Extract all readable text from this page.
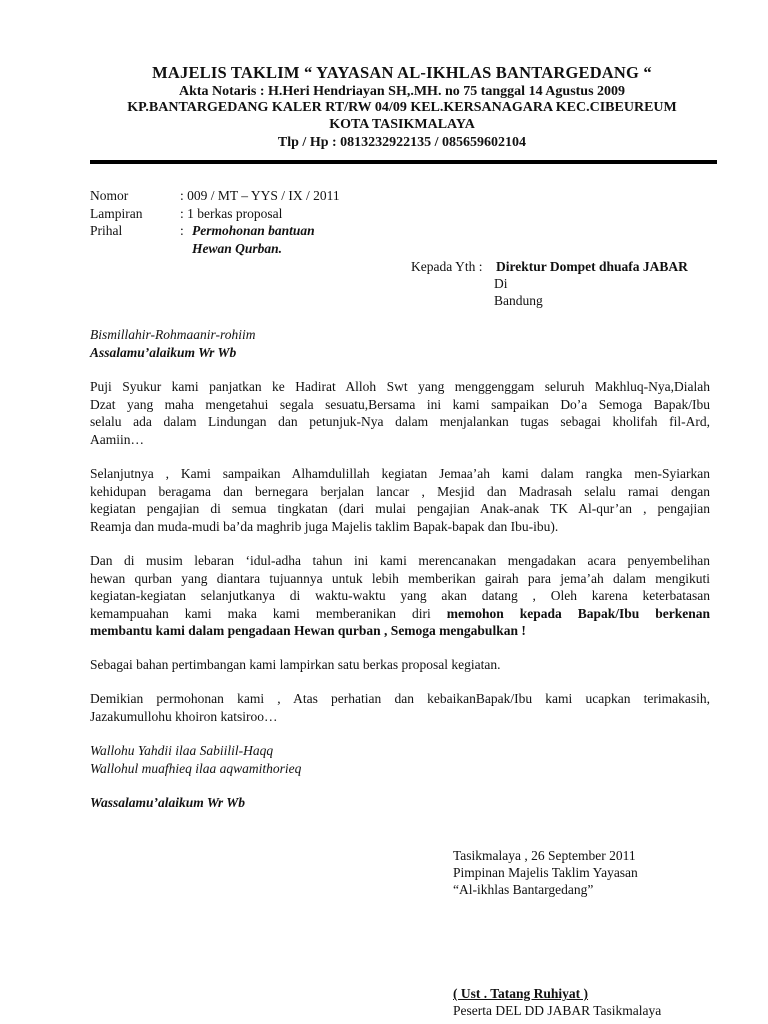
MAJELIS TAKLIM “ YAYASAN AL-IKHLAS BANTARGEDANG “
Akta Notaris : H.Heri Hendriayan SH,.MH. no 75 tanggal 14 Agustus 2009
KP.BANTARGEDANG KALER RT/RW 04/09 KEL.KERSANAGARA KEC.CIBEUREUM
KOTA TASIKMALAYA
Tlp / Hp : 0813232922135 / 085659602104
Nomor	: 009 / MT – YYS / IX / 2011
Lampiran	: 1 berkas proposal
Prihal	: Permohonan bantuan
Hewan Qurban.
Kepada Yth : Direktur Dompet dhuafa JABAR
Di
Bandung
Bismillahir-Rohmaanir-rohiim
Assalamu’alaikum Wr Wb
Puji Syukur kami panjatkan ke Hadirat Alloh Swt yang menggenggam seluruh Makhluq-Nya,Dialah
Dzat yang maha mengetahui segala sesuatu,Bersama ini kami sampaikan Do’a Semoga Bapak/Ibu
selalu ada dalam Lindungan dan petunjuk-Nya dalam menjalankan tugas sebagai kholifah fil-Ard,
Aamiin…
Selanjutnya , Kami sampaikan Alhamdulillah kegiatan Jemaa’ah kami dalam rangka men-Syiarkan
kehidupan beragama dan bernegara berjalan lancar , Mesjid dan Madrasah selalu ramai dengan
kegiatan pengajian di semua tingkatan (dari mulai pengajian Anak-anak TK Al-qur’an , pengajian
Reamja dan muda-mudi ba’da maghrib juga Majelis taklim Bapak-bapak dan Ibu-ibu).
Dan di musim lebaran ‘idul-adha tahun ini kami merencanakan mengadakan acara penyembelihan
hewan qurban yang diantara tujuannya untuk lebih memberikan gairah para jema’ah dalam mengikuti
kegiatan-kegiatan selanjutkanya di waktu-waktu yang akan datang , Oleh karena keterbatasan
kemampuahan kami maka kami memberanikan diri memohon kepada Bapak/Ibu berkenan
membantu kami dalam pengadaan Hewan qurban , Semoga mengabulkan !
Sebagai bahan pertimbangan kami lampirkan satu berkas proposal kegiatan.
Demikian permohonan kami , Atas perhatian dan kebaikanBapak/Ibu kami ucapkan terimakasih,
Jazakumullohu khoiron katsiroo…
Wallohu Yahdii ilaa Sabiilil-Haqq
Wallohul muafhieq ilaa aqwamithorieq
Wassalamu’alaikum Wr Wb
Tasikmalaya , 26 September 2011
Pimpinan Majelis Taklim Yayasan
“Al-ikhlas Bantargedang”
( Ust . Tatang Ruhiyat )
Peserta DEL DD JABAR Tasikmalaya
